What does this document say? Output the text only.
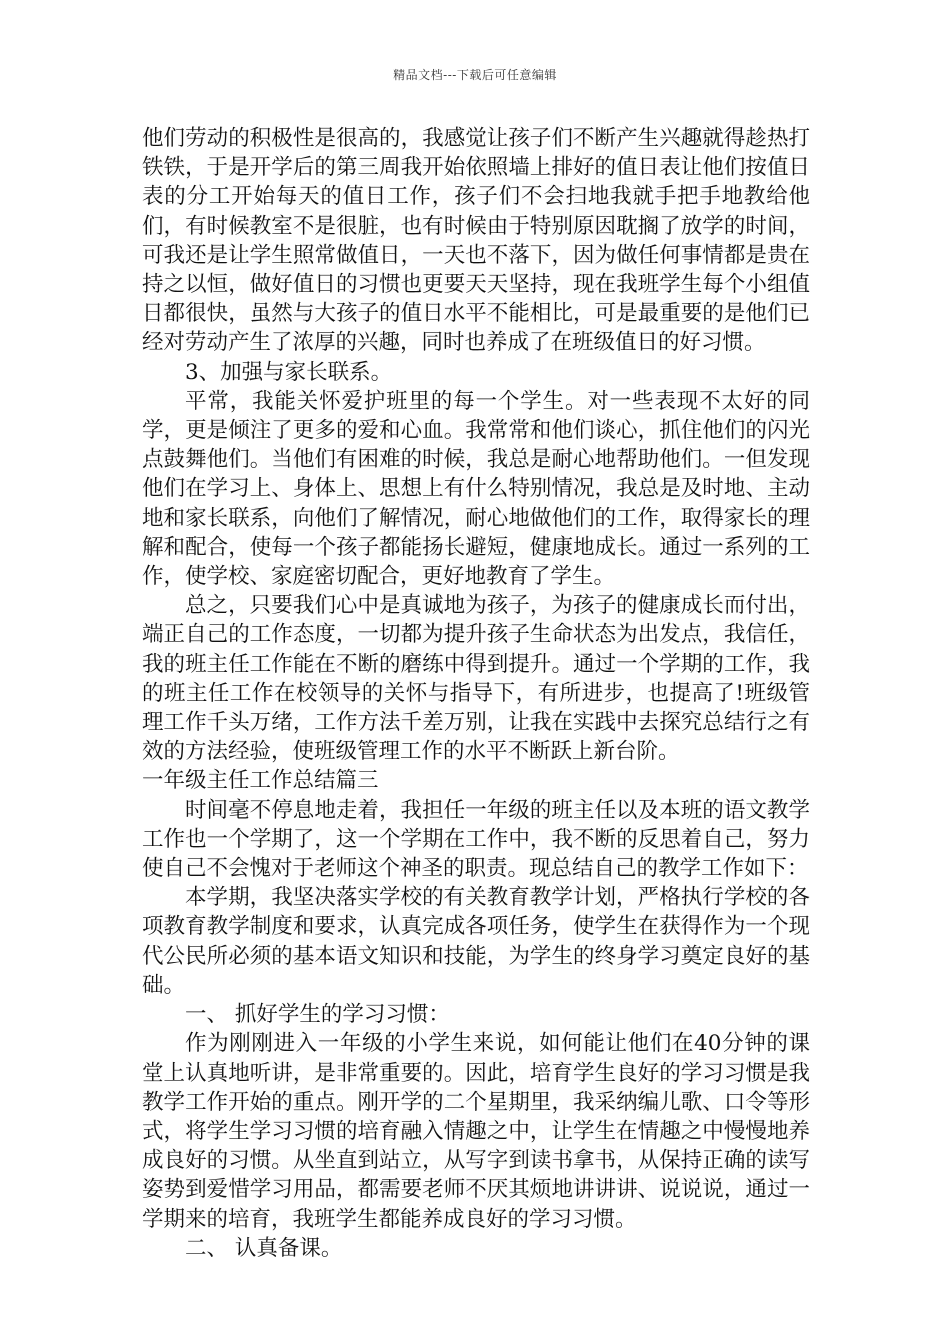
精品文档---下载后可任意编辑

他们劳动的积极性是很高的，我感觉让孩子们不断产生兴趣就得趁热打铁铁，于是开学后的第三周我开始依照墙上排好的值日表让他们按值日表的分工开始每天的值日工作，孩子们不会扫地我就手把手地教给他们，有时候教室不是很脏，也有时候由于特别原因耽搁了放学的时间，可我还是让学生照常做值日，一天也不落下，因为做任何事情都是贵在持之以恒，做好值日的习惯也更要天天坚持，现在我班学生每个小组值日都很快，虽然与大孩子的值日水平不能相比，可是最重要的是他们已经对劳动产生了浓厚的兴趣，同时也养成了在班级值日的好习惯。

3、加强与家长联系。

平常，我能关怀爱护班里的每一个学生。对一些表现不太好的同学，更是倾注了更多的爱和心血。我常常和他们谈心，抓住他们的闪光点鼓舞他们。当他们有困难的时候，我总是耐心地帮助他们。一但发现他们在学习上、身体上、思想上有什么特别情况，我总是及时地、主动地和家长联系，向他们了解情况，耐心地做他们的工作，取得家长的理解和配合，使每一个孩子都能扬长避短，健康地成长。通过一系列的工作，使学校、家庭密切配合，更好地教育了学生。

总之，只要我们心中是真诚地为孩子，为孩子的健康成长而付出，端正自己的工作态度，一切都为提升孩子生命状态为出发点，我信任，我的班主任工作能在不断的磨练中得到提升。通过一个学期的工作，我的班主任工作在校领导的关怀与指导下，有所进步，也提高了!班级管理工作千头万绪，工作方法千差万别，让我在实践中去探究总结行之有效的方法经验，使班级管理工作的水平不断跃上新台阶。

一年级主任工作总结篇三

时间毫不停息地走着，我担任一年级的班主任以及本班的语文教学工作也一个学期了，这一个学期在工作中，我不断的反思着自己，努力使自己不会愧对于老师这个神圣的职责。现总结自己的教学工作如下：

本学期，我坚决落实学校的有关教育教学计划，严格执行学校的各项教育教学制度和要求，认真完成各项任务，使学生在获得作为一个现代公民所必须的基本语文知识和技能，为学生的终身学习奠定良好的基础。

一、 抓好学生的学习习惯：

作为刚刚进入一年级的小学生来说，如何能让他们在40分钟的课堂上认真地听讲，是非常重要的。因此，培育学生良好的学习习惯是我教学工作开始的重点。刚开学的二个星期里，我采纳编儿歌、口令等形式，将学生学习习惯的培育融入情趣之中，让学生在情趣之中慢慢地养成良好的习惯。从坐直到站立，从写字到读书拿书，从保持正确的读写姿势到爱惜学习用品，都需要老师不厌其烦地讲讲讲、说说说，通过一学期来的培育，我班学生都能养成良好的学习习惯。

二、 认真备课。
